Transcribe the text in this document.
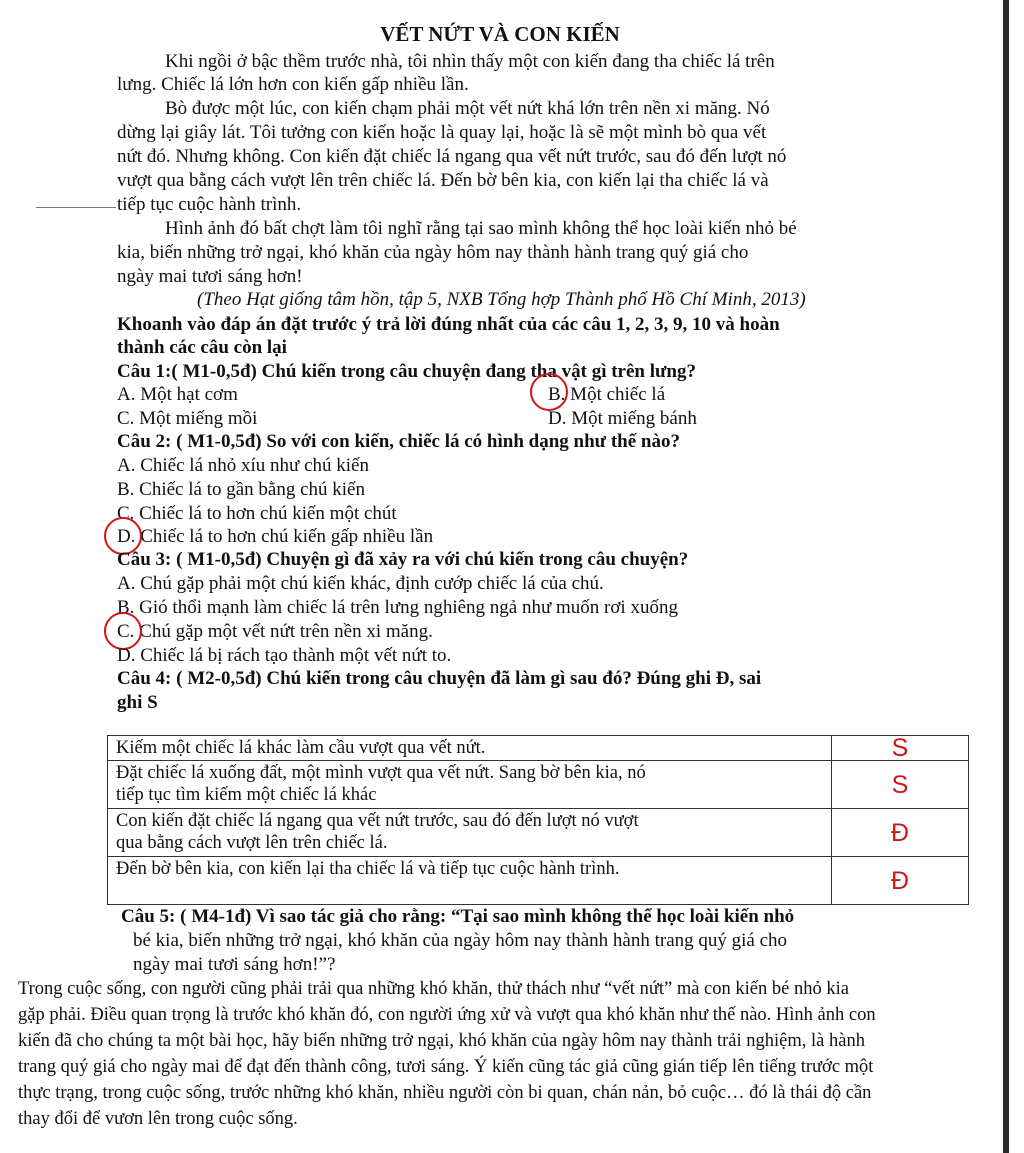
VẾT NỨT VÀ CON KIẾN
Khi ngồi ở bậc thềm trước nhà, tôi nhìn thấy một con kiến đang tha chiếc lá trên
lưng. Chiếc lá lớn hơn con kiến gấp nhiều lần.
Bò được một lúc, con kiến chạm phải một vết nứt khá lớn trên nền xi măng. Nó
dừng lại giây lát. Tôi tưởng con kiến hoặc là quay lại, hoặc là sẽ một mình bò qua vết
nứt đó. Nhưng không. Con kiến đặt chiếc lá ngang qua vết nứt trước, sau đó đến lượt nó
vượt qua bằng cách vượt lên trên chiếc lá. Đến bờ bên kia, con kiến lại tha chiếc lá và
tiếp tục cuộc hành trình.
Hình ảnh đó bất chợt làm tôi nghĩ rằng tại sao mình không thể học loài kiến nhỏ bé
kia, biến những trở ngại, khó khăn của ngày hôm nay thành hành trang quý giá cho
ngày mai tươi sáng hơn!
(Theo Hạt giống tâm hồn, tập 5, NXB Tổng hợp Thành phố Hồ Chí Minh, 2013)
Khoanh vào đáp án đặt trước ý trả lời đúng nhất của các câu 1, 2, 3, 9, 10 và hoàn
thành các câu còn lại
Câu 1:( M1-0,5đ) Chú kiến trong câu chuyện đang tha vật gì trên lưng?
A. Một hạt cơm	B. Một chiếc lá
C. Một miếng mồi	D. Một miếng bánh
Câu 2: ( M1-0,5đ) So với con kiến, chiếc lá có hình dạng như thế nào?
A. Chiếc lá nhỏ xíu như chú kiến
B. Chiếc lá to gần bằng chú kiến
C. Chiếc lá to hơn chú kiến một chút
D. Chiếc lá to hơn chú kiến gấp nhiều lần
Câu 3: ( M1-0,5đ) Chuyện gì đã xảy ra với chú kiến trong câu chuyện?
A. Chú gặp phải một chú kiến khác, định cướp chiếc lá của chú.
B. Gió thổi mạnh làm chiếc lá trên lưng nghiêng ngả như muốn rơi xuống
C. Chú gặp một vết nứt trên nền xi măng.
D. Chiếc lá bị rách tạo thành một vết nứt to.
Câu 4: ( M2-0,5đ) Chú kiến trong câu chuyện đã làm gì sau đó? Đúng ghi Đ, sai
ghi S
Kiếm một chiếc lá khác làm cầu vượt qua vết nứt.	S
Đặt chiếc lá xuống đất, một mình vượt qua vết nứt. Sang bờ bên kia, nó
tiếp tục tìm kiếm một chiếc lá khác	S
Con kiến đặt chiếc lá ngang qua vết nứt trước, sau đó đến lượt nó vượt
qua bằng cách vượt lên trên chiếc lá.	Đ
Đến bờ bên kia, con kiến lại tha chiếc lá và tiếp tục cuộc hành trình.	Đ
Câu 5: ( M4-1đ) Vì sao tác giả cho rằng: “Tại sao mình không thể học loài kiến nhỏ
bé kia, biến những trở ngại, khó khăn của ngày hôm nay thành hành trang quý giá cho
ngày mai tươi sáng hơn!”?
Trong cuộc sống, con người cũng phải trải qua những khó khăn, thử thách như “vết nứt” mà con kiến bé nhỏ kia
gặp phải. Điều quan trọng là trước khó khăn đó, con người ứng xử và vượt qua khó khăn như thế nào. Hình ảnh con
kiến đã cho chúng ta một bài học, hãy biến những trở ngại, khó khăn của ngày hôm nay thành trải nghiệm, là hành
trang quý giá cho ngày mai để đạt đến thành công, tươi sáng. Ý kiến cũng tác giả cũng gián tiếp lên tiếng trước một
thực trạng, trong cuộc sống, trước những khó khăn, nhiều người còn bi quan, chán nản, bỏ cuộc… đó là thái độ cần
thay đổi để vươn lên trong cuộc sống.
